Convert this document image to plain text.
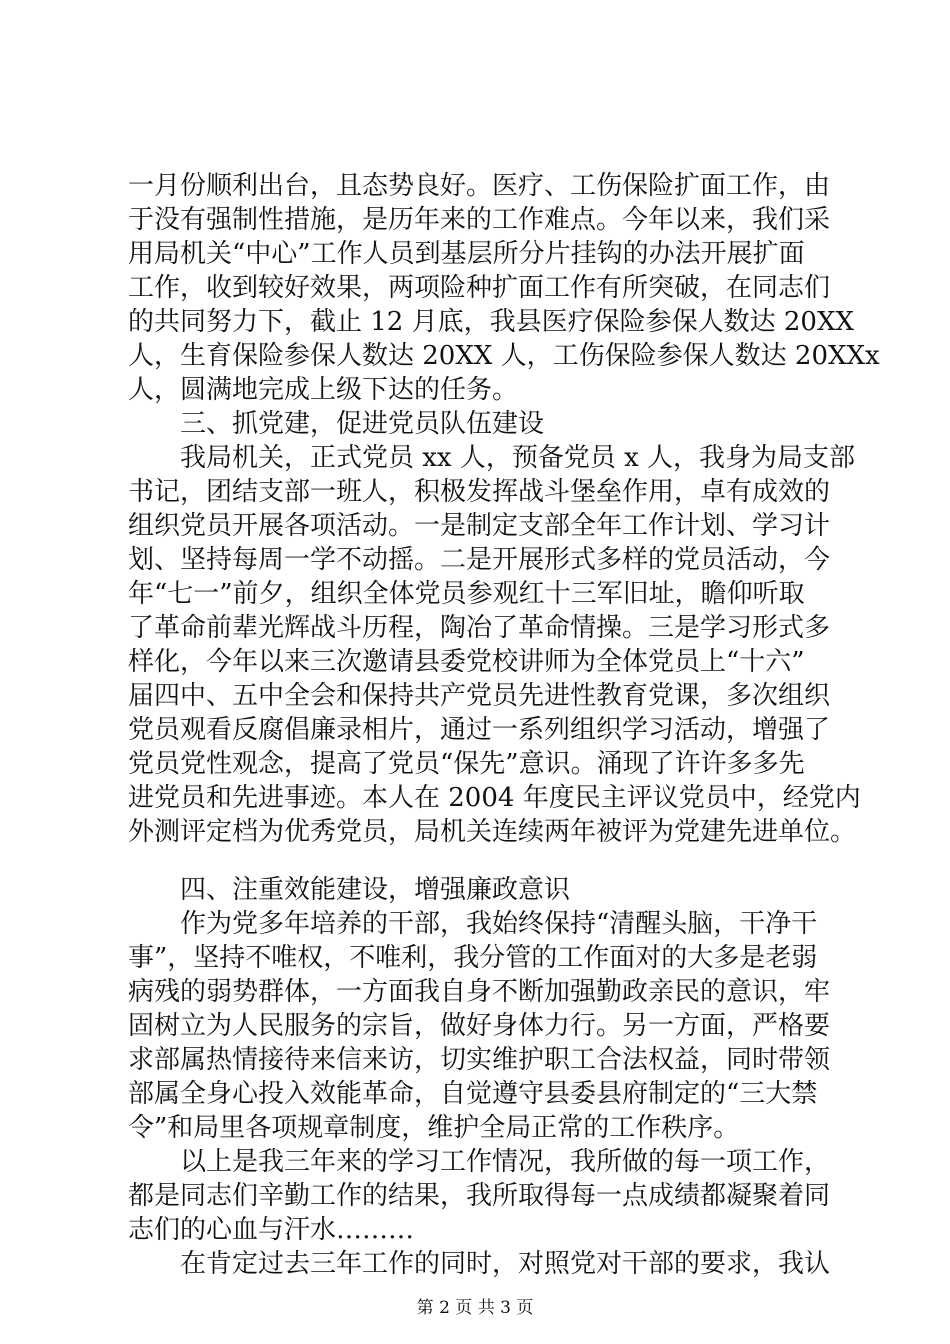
一月份顺利出台，且态势良好。医疗、工伤保险扩面工作，由
于没有强制性措施，是历年来的工作难点。今年以来，我们采
用局机关“中心”工作人员到基层所分片挂钩的办法开展扩面
工作，收到较好效果，两项险种扩面工作有所突破，在同志们
的共同努力下，截止 12 月底，我县医疗保险参保人数达 20XX
人，生育保险参保人数达 20XX 人，工伤保险参保人数达 20XXx
人，圆满地完成上级下达的任务。
三、抓党建，促进党员队伍建设
我局机关，正式党员 xx 人，预备党员 x 人，我身为局支部
书记，团结支部一班人，积极发挥战斗堡垒作用，卓有成效的
组织党员开展各项活动。一是制定支部全年工作计划、学习计
划、坚持每周一学不动摇。二是开展形式多样的党员活动，今
年“七一”前夕，组织全体党员参观红十三军旧址，瞻仰听取
了革命前辈光辉战斗历程，陶冶了革命情操。三是学习形式多
样化，今年以来三次邀请县委党校讲师为全体党员上“十六”
届四中、五中全会和保持共产党员先进性教育党课，多次组织
党员观看反腐倡廉录相片，通过一系列组织学习活动，增强了
党员党性观念，提高了党员“保先”意识。涌现了许许多多先
进党员和先进事迹。本人在 2004 年度民主评议党员中，经党内
外测评定档为优秀党员，局机关连续两年被评为党建先进单位。
四、注重效能建设，增强廉政意识
作为党多年培养的干部，我始终保持“清醒头脑，干净干
事”，坚持不唯权，不唯利，我分管的工作面对的大多是老弱
病残的弱势群体，一方面我自身不断加强勤政亲民的意识，牢
固树立为人民服务的宗旨，做好身体力行。另一方面，严格要
求部属热情接待来信来访，切实维护职工合法权益，同时带领
部属全身心投入效能革命，自觉遵守县委县府制定的“三大禁
令”和局里各项规章制度，维护全局正常的工作秩序。
以上是我三年来的学习工作情况，我所做的每一项工作，
都是同志们辛勤工作的结果，我所取得每一点成绩都凝聚着同
志们的心血与汗水………
在肯定过去三年工作的同时，对照党对干部的要求，我认
第 2 页 共 3 页
